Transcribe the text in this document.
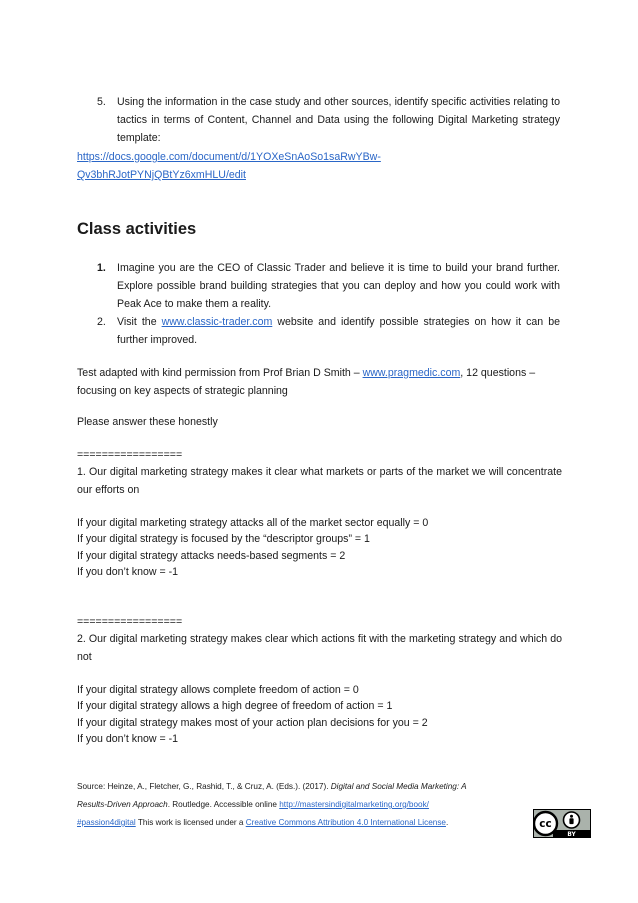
5. Using the information in the case study and other sources, identify specific activities relating to tactics in terms of Content, Channel and Data using the following Digital Marketing strategy template:

https://docs.google.com/document/d/1YOXeSnAoSo1saRwYBw-
Qv3bhRJotPYNjQBtYz6xmHLU/edit

Class activities
1. Imagine you are the CEO of Classic Trader and believe it is time to build your brand further. Explore possible brand building strategies that you can deploy and how you could work with Peak Ace to make them a reality.

2. Visit the www.classic-trader.com website and identify possible strategies on how it can be further improved.

Test adapted with kind permission from Prof Brian D Smith – www.pragmedic.com, 12 questions – focusing on key aspects of strategic planning

Please answer these honestly

=================

1. Our digital marketing strategy makes it clear what markets or parts of the market we will concentrate our efforts on

If your digital marketing strategy attacks all of the market sector equally = 0

If your digital strategy is focused by the “descriptor groups” = 1

If your digital strategy attacks needs-based segments = 2

If you don’t know = -1

=================

2. Our digital marketing strategy makes clear which actions fit with the marketing strategy and which do not

If your digital strategy allows complete freedom of action = 0

If your digital strategy allows a high degree of freedom of action = 1

If your digital strategy makes most of your action plan decisions for you = 2

If you don’t know = -1

Source: Heinze, A., Fletcher, G., Rashid, T., & Cruz, A. (Eds.). (2017). Digital and Social Media Marketing: A
Results-Driven Approach. Routledge. Accessible online http://mastersindigitalmarketing.org/book/
#passion4digital This work is licensed under a Creative Commons Attribution 4.0 International License.	cc
BY
